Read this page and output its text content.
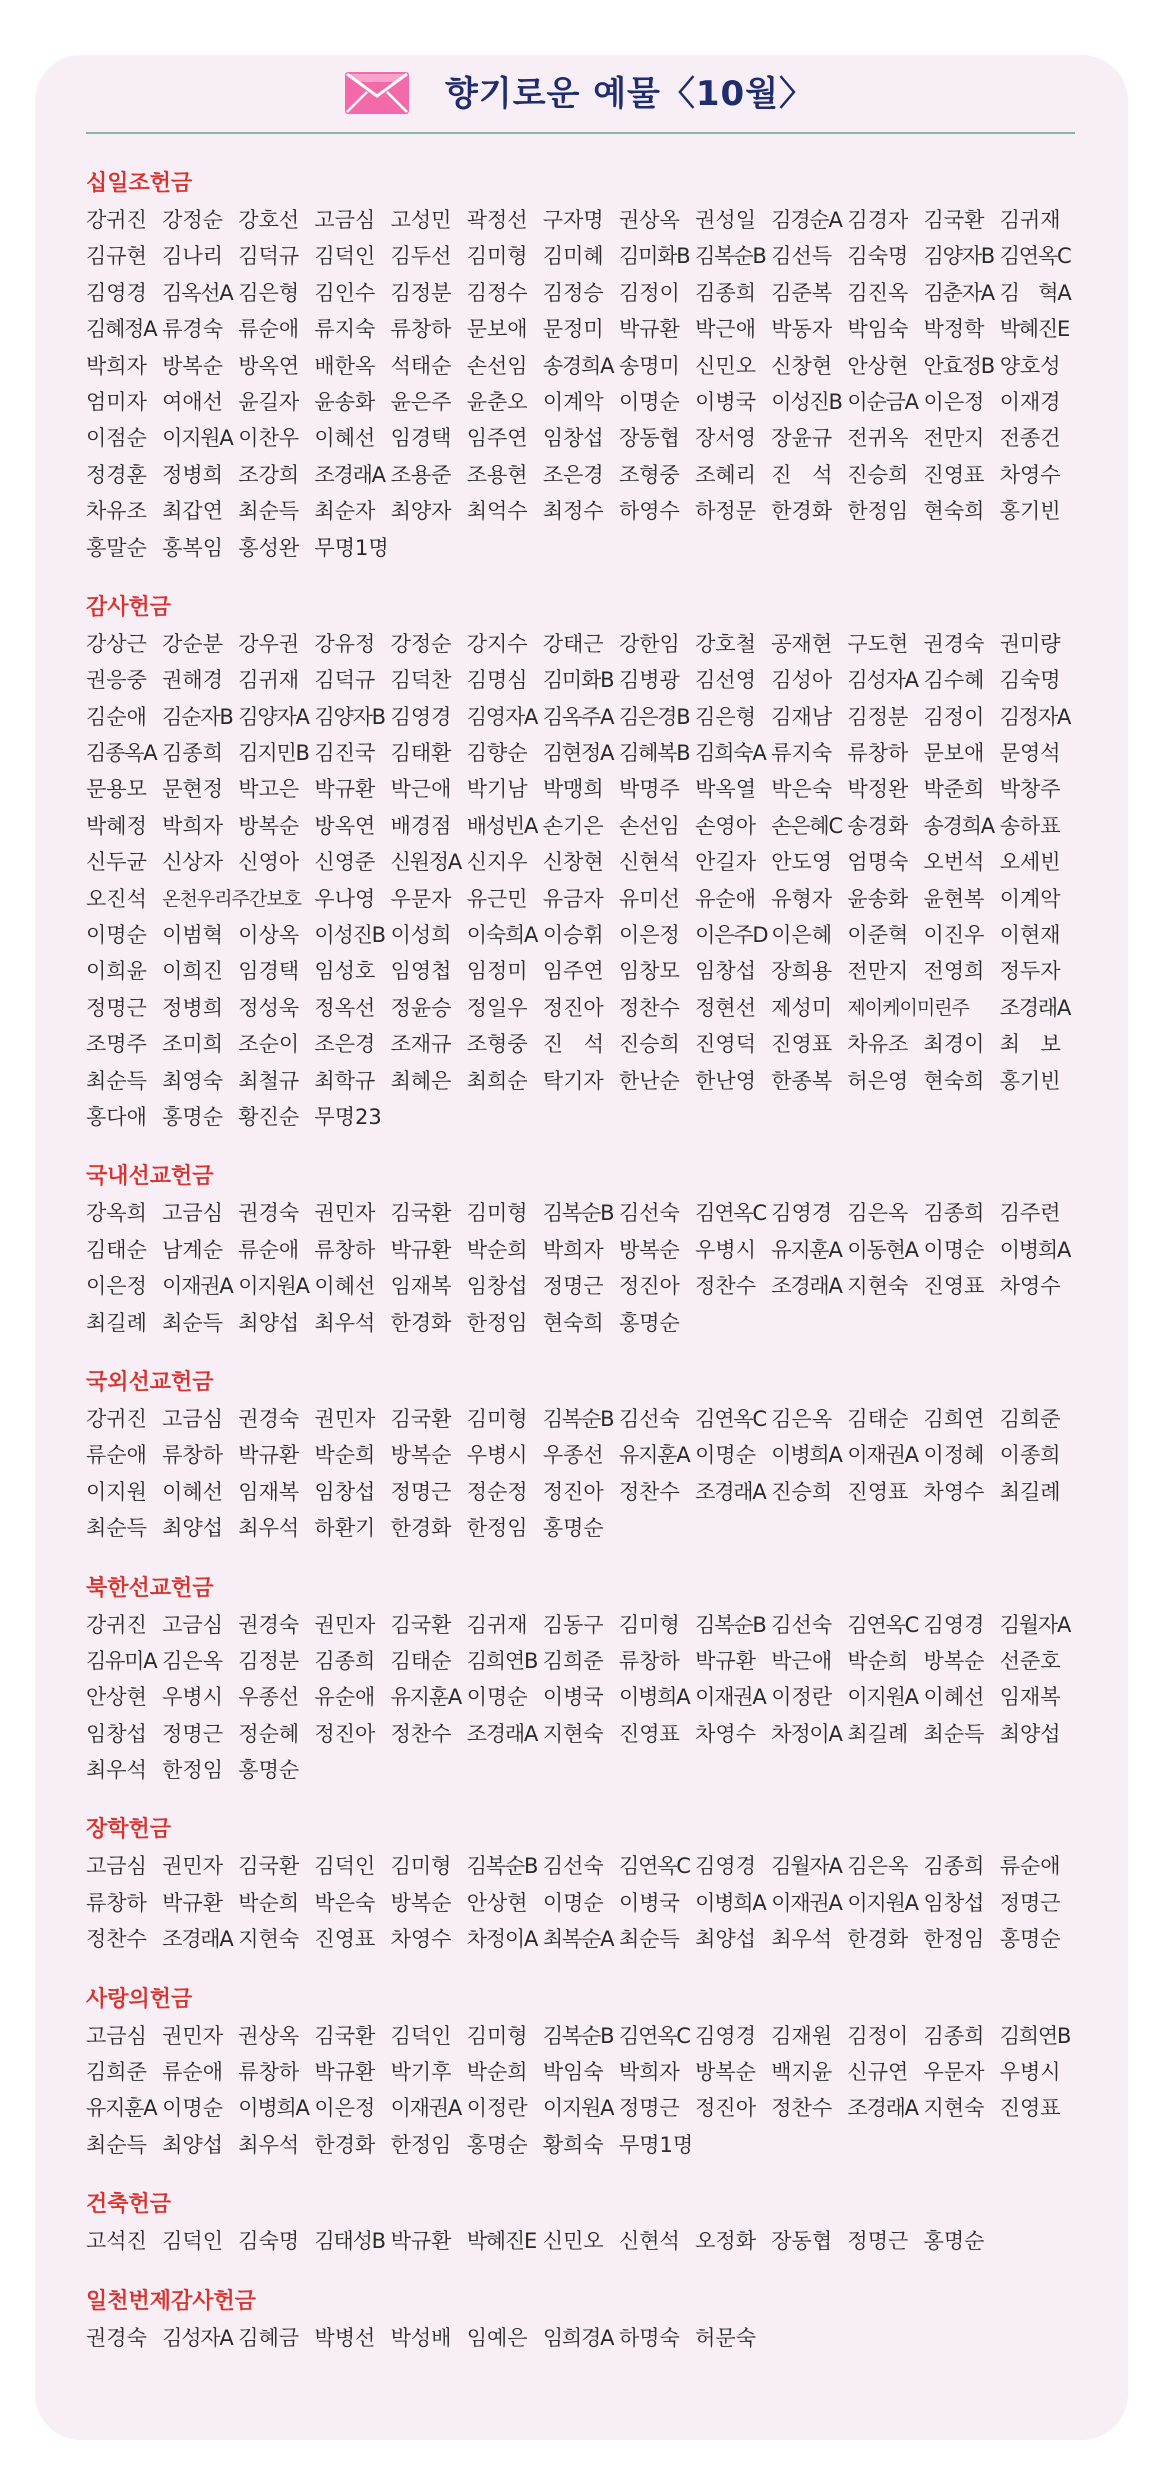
향기로운 예물〈10월〉
십일조헌금
강귀진 강정순 강호선 고금심 고성민 곽정선 구자명 권상옥 권성일 김경순A 김경자 김국환 김귀재
김규현 김나리 김덕규 김덕인 김두선 김미형 김미혜 김미화B 김복순B 김선득 김숙명 김양자B 김연옥C
김영경 김옥선A 김은형 김인수 김정분 김정수 김정승 김정이 김종희 김준복 김진옥 김춘자A 김 혁A
김혜정A 류경숙 류순애 류지숙 류창하 문보애 문정미 박규환 박근애 박동자 박임숙 박정학 박혜진E
박희자 방복순 방옥연 배한옥 석태순 손선임 송경희A 송명미 신민오 신창현 안상현 안효정B 양호성
엄미자 여애선 윤길자 윤송화 윤은주 윤춘오 이계악 이명순 이병국 이성진B 이순금A 이은정 이재경
이점순 이지원A 이찬우 이혜선 임경택 임주연 임창섭 장동협 장서영 장윤규 전귀옥 전만지 전종건
정경훈 정병희 조강희 조경래A 조용준 조용현 조은경 조형중 조혜리 진 석 진승희 진영표 차영수
차유조 최갑연 최순득 최순자 최양자 최억수 최정수 하영수 하정문 한경화 한정임 현숙희 홍기빈
홍말순 홍복임 홍성완 무명1명
감사헌금
강상근 강순분 강우권 강유정 강정순 강지수 강태근 강한임 강호철 공재현 구도현 권경숙 권미량
권응중 권해경 김귀재 김덕규 김덕찬 김명심 김미화B 김병광 김선영 김성아 김성자A 김수혜 김숙명
김순애 김순자B 김양자A 김양자B 김영경 김영자A 김옥주A 김은경B 김은형 김재남 김정분 김정이 김정자A
김종옥A 김종희 김지민B 김진국 김태환 김향순 김현정A 김혜복B 김희숙A 류지숙 류창하 문보애 문영석
문용모 문현정 박고은 박규환 박근애 박기남 박맹희 박명주 박옥열 박은숙 박정완 박준희 박창주
박혜정 박희자 방복순 방옥연 배경점 배성빈A 손기은 손선임 손영아 손은혜C 송경화 송경희A 송하표
신두균 신상자 신영아 신영준 신원정A 신지우 신창현 신현석 안길자 안도영 엄명숙 오번석 오세빈
오진석 온천우리주간보호 우나영 우문자 유근민 유금자 유미선 유순애 유형자 윤송화 윤현복 이계악
이명순 이범혁 이상옥 이성진B 이성희 이숙희A 이승휘 이은정 이은주D 이은혜 이준혁 이진우 이현재
이희윤 이희진 임경택 임성호 임영첩 임정미 임주연 임창모 임창섭 장희용 전만지 전영희 정두자
정명근 정병희 정성욱 정옥선 정윤승 정일우 정진아 정찬수 정현선 제성미 제이케이미린주	조경래A
조명주 조미희 조순이 조은경 조재규 조형중 진 석 진승희 진영덕 진영표 차유조 최경이 최 보
최순득 최영숙 최철규 최학규 최혜은 최희순 탁기자 한난순 한난영 한종복 허은영 현숙희 홍기빈
홍다애 홍명순 황진순 무명23
국내선교헌금
강옥희 고금심 권경숙 권민자 김국환 김미형 김복순B 김선숙 김연옥C 김영경 김은옥 김종희 김주련
김태순 남계순 류순애 류창하 박규환 박순희 박희자 방복순 우병시 유지훈A 이동현A 이명순 이병희A
이은정 이재권A 이지원A 이혜선 임재복 임창섭 정명근 정진아 정찬수 조경래A 지현숙 진영표 차영수
최길례 최순득 최양섭 최우석 한경화 한정임 현숙희 홍명순
국외선교헌금
강귀진 고금심 권경숙 권민자 김국환 김미형 김복순B 김선숙 김연옥C 김은옥 김태순 김희연 김희준
류순애 류창하 박규환 박순희 방복순 우병시 우종선 유지훈A 이명순 이병희A 이재권A 이정혜 이종희
이지원 이혜선 임재복 임창섭 정명근 정순정 정진아 정찬수 조경래A 진승희 진영표 차영수 최길례
최순득 최양섭 최우석 하환기 한경화 한정임 홍명순
북한선교헌금
강귀진 고금심 권경숙 권민자 김국환 김귀재 김동구 김미형 김복순B 김선숙 김연옥C 김영경 김월자A
김유미A 김은옥 김정분 김종희 김태순 김희연B 김희준 류창하 박규환 박근애 박순희 방복순 선준호
안상현 우병시 우종선 유순애 유지훈A 이명순 이병국 이병희A 이재권A 이정란 이지원A 이혜선 임재복
임창섭 정명근 정순혜 정진아 정찬수 조경래A 지현숙 진영표 차영수 차정이A 최길례 최순득 최양섭
최우석 한정임 홍명순
장학헌금
고금심 권민자 김국환 김덕인 김미형 김복순B 김선숙 김연옥C 김영경 김월자A 김은옥 김종희 류순애
류창하 박규환 박순희 박은숙 방복순 안상현 이명순 이병국 이병희A 이재권A 이지원A 임창섭 정명근
정찬수 조경래A 지현숙 진영표 차영수 차정이A 최복순A 최순득 최양섭 최우석 한경화 한정임 홍명순
사랑의헌금
고금심 권민자 권상옥 김국환 김덕인 김미형 김복순B 김연옥C 김영경 김재원 김정이 김종희 김희연B
김희준 류순애 류창하 박규환 박기후 박순희 박임숙 박희자 방복순 백지윤 신규연 우문자 우병시
유지훈A 이명순 이병희A 이은정 이재권A 이정란 이지원A 정명근 정진아 정찬수 조경래A 지현숙 진영표
최순득 최양섭 최우석 한경화 한정임 홍명순 황희숙 무명1명
건축헌금
고석진 김덕인 김숙명 김태성B 박규환 박혜진E 신민오 신현석 오정화 장동협 정명근 홍명순
일천번제감사헌금
권경숙 김성자A 김혜금 박병선 박성배 임예은 임희경A 하명숙 허문숙
